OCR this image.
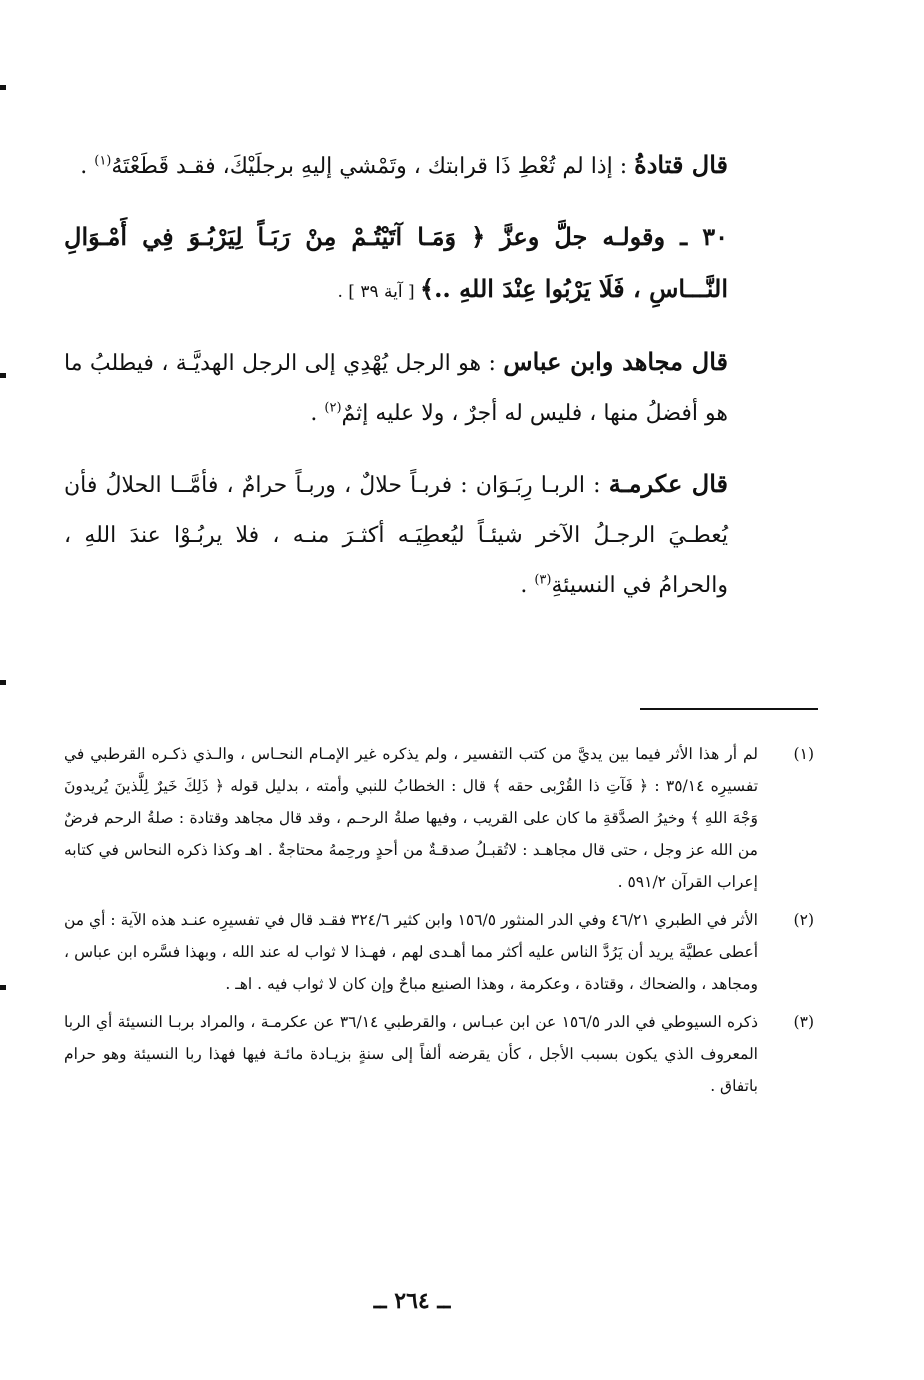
قال قتادةُ : إذا لم تُعْطِ ذَا قرابتك ، وتَمْشي إليهِ برجلَيْكَ، فقـد قَطَعْتَهُ$^{(١)}$ .

٣٠ ـ وقولـه جلَّ وعزَّ ﴿ وَمَـا آتَيْتُـمْ مِنْ رَبَـاً لِيَرْبُـوَ فِي أَمْـوَالِ النَّـــاسِ ، فَلَا يَرْبُوا عِنْدَ اللهِ ..﴾ [ آية ٣٩ ] .

قال مجاهد وابن عباس : هو الرجل يُهْدِي إلى الرجل الهديَّـة ، فيطلبُ ما هو أفضلُ منها ، فليس له أجرٌ ، ولا عليه إثمٌ$^{(٢)}$ .

قال عكرمـة : الربـا رِبَـوَان : فربـاً حلالٌ ، وربـاً حرامٌ ، فأمَّــا الحلالُ فأن يُعطـيَ الرجـلُ الآخر شيئـاً ليُعطِيَـه أكثـرَ منـه ، فلا يربُـوْا عندَ اللهِ ، والحرامُ في النسيئةِ$^{(٣)}$ .

(١)
لم أر هذا الأثر فيما بين يديَّ من كتب التفسير ، ولم يذكره غير الإمـام النحـاس ، والـذي ذكـره القرطبي في تفسيرِه ٣٥/١٤ : ﴿ فَآتِ ذا القُرْبى حقه ﴾ قال : الخطابُ للنبي وأمته ، بدليل قوله ﴿ ذَلِكَ خَيرٌ لِلَّذينَ يُريدونَ وَجْهَ اللهِ ﴾ وخيرُ الصدَّقةِ ما كان على القريب ، وفيها صلةُ الرحـم ، وقد قال مجاهد وقتادة : صلةُ الرحم فرضٌ من الله عز وجل ، حتى قال مجاهـد : لاتُقبـلُ صدقـةٌ من أحدٍ ورحِمهُ محتاجةٌ . اهـ وكذا ذكره النحاس في كتابه إعراب القرآن ٥٩١/٢ .
(٢)
الأثر في الطبري ٤٦/٢١ وفي الدر المنثور ١٥٦/٥ وابن كثير ٣٢٤/٦ فقـد قال في تفسيرِه عنـد هذه الآية : أي من أعطى عطيَّة يريد أن يَرُدَّ الناس عليه أكثر مما أهـدى لهم ، فهـذا لا ثواب له عند الله ، وبهذا فسَّره ابن عباس ، ومجاهد ، والضحاك ، وقتادة ، وعكرمة ، وهذا الصنيع مباحٌ وإن كان لا ثواب فيه . اهـ .
(٣)
ذكره السيوطي في الدر ١٥٦/٥ عن ابن عبـاس ، والقرطبي ٣٦/١٤ عن عكرمـة ، والمراد بربـا النسيئة أي الربا المعروف الذي يكون بسبب الأجل ، كأن يقرضه ألفاً إلى سنةٍ بزيـادة مائـة فيها فهذا ربا النسيئة وهو حرام باتفاق .
ــ ٢٦٤ ــ
